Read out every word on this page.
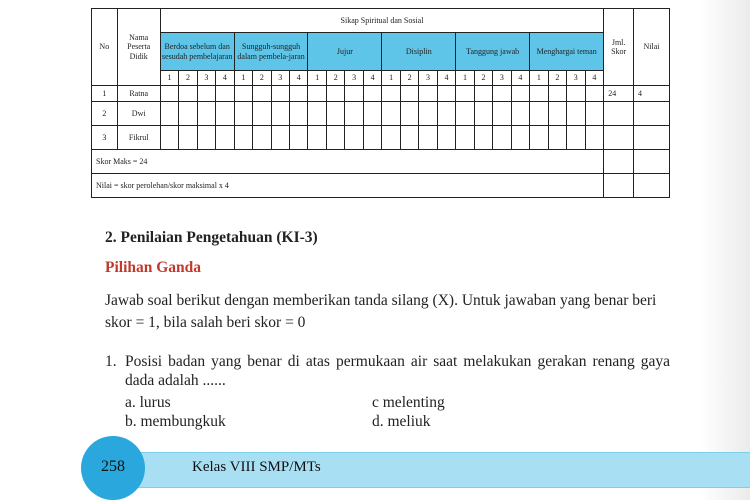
No	Nama Peserta Didik	Sikap Spiritual dan Sosial																								Jml. Skor	Nilai
		Berdoa sebelum dan sesudah pembelajaran				Sungguh-sungguh dalam pembela-jaran				Jujur				Disiplin				Tanggung jawab				Menghargai teman					
		1	2	3	4	1	2	3	4	1	2	3	4	1	2	3	4	1	2	3	4	1	2	3	4		
1	Ratna																									24	4
2	Dwi																										
3	Fikrul																										
Skor Maks = 24																											
Nilai = skor perolehan/skor maksimal x 4																											
2. Penilaian Pengetahuan (KI-3)
Pilihan Ganda
Jawab soal berikut dengan memberikan tanda silang (X). Untuk jawaban yang benar beri skor = 1, bila salah beri skor = 0
1. Posisi badan yang benar di atas permukaan air saat melakukan gerakan renang gaya dada adalah ......
a. lurus	c melenting
b. membungkuk	d. meliuk
258	Kelas VIII SMP/MTs
